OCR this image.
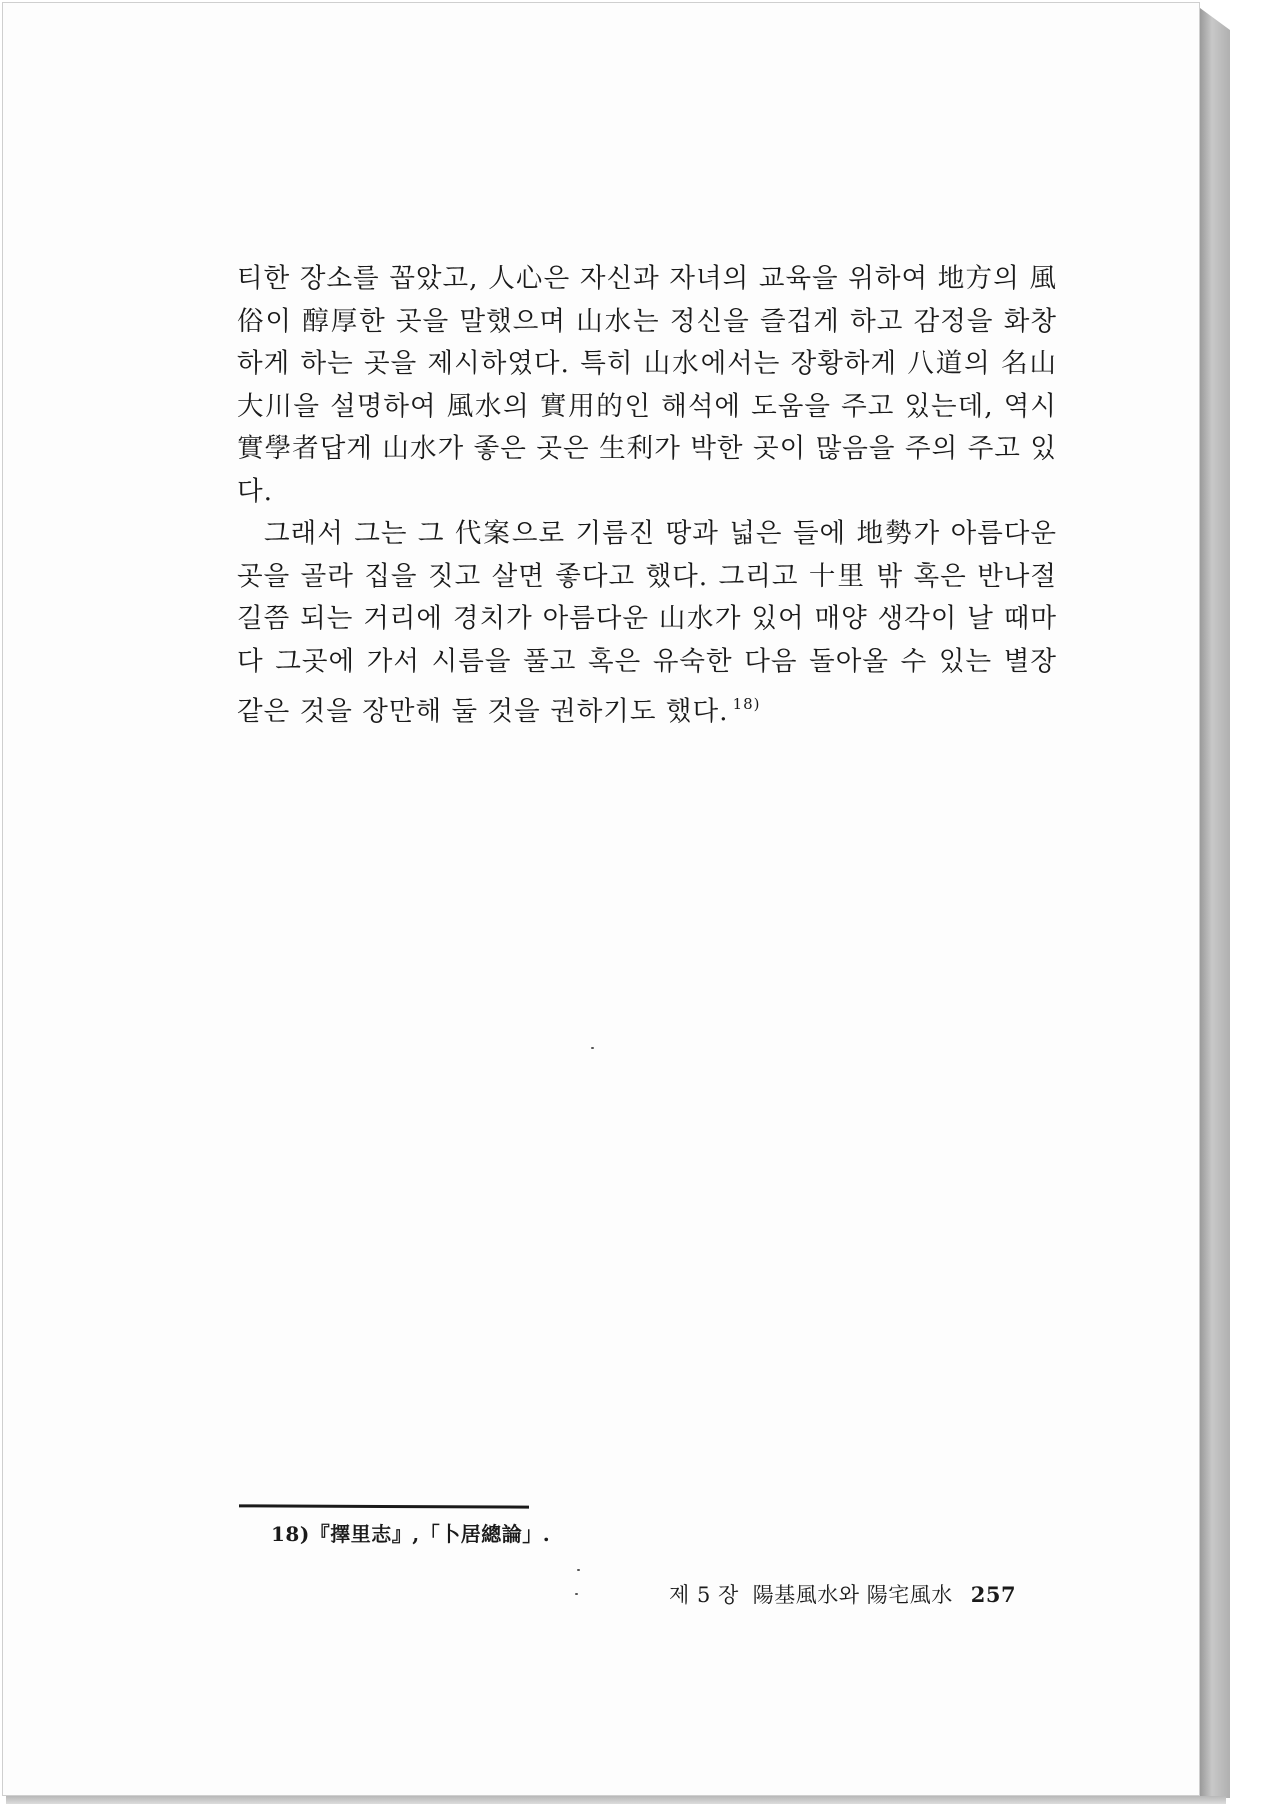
티한 장소를 꼽았고, 人心은 자신과 자녀의 교육을 위하여 地方의 風俗이 醇厚한 곳을 말했으며 山水는 정신을 즐겁게 하고 감정을 화창하게 하는 곳을 제시하였다. 특히 山水에서는 장황하게 八道의 名山大川을 설명하여 風水의 實用的인 해석에 도움을 주고 있는데, 역시 實學者답게 山水가 좋은 곳은 生利가 박한 곳이 많음을 주의 주고 있다.

그래서 그는 그 代案으로 기름진 땅과 넓은 들에 地勢가 아름다운 곳을 골라 집을 짓고 살면 좋다고 했다. 그리고 十里 밖 혹은 반나절 길쯤 되는 거리에 경치가 아름다운 山水가 있어 매양 생각이 날 때마다 그곳에 가서 시름을 풀고 혹은 유숙한 다음 돌아올 수 있는 별장 같은 것을 장만해 둘 것을 권하기도 했다. $^{18)}$

18)『擇里志』,「卜居總論」.
제 5 장 陽基風水와 陽宅風水 257
